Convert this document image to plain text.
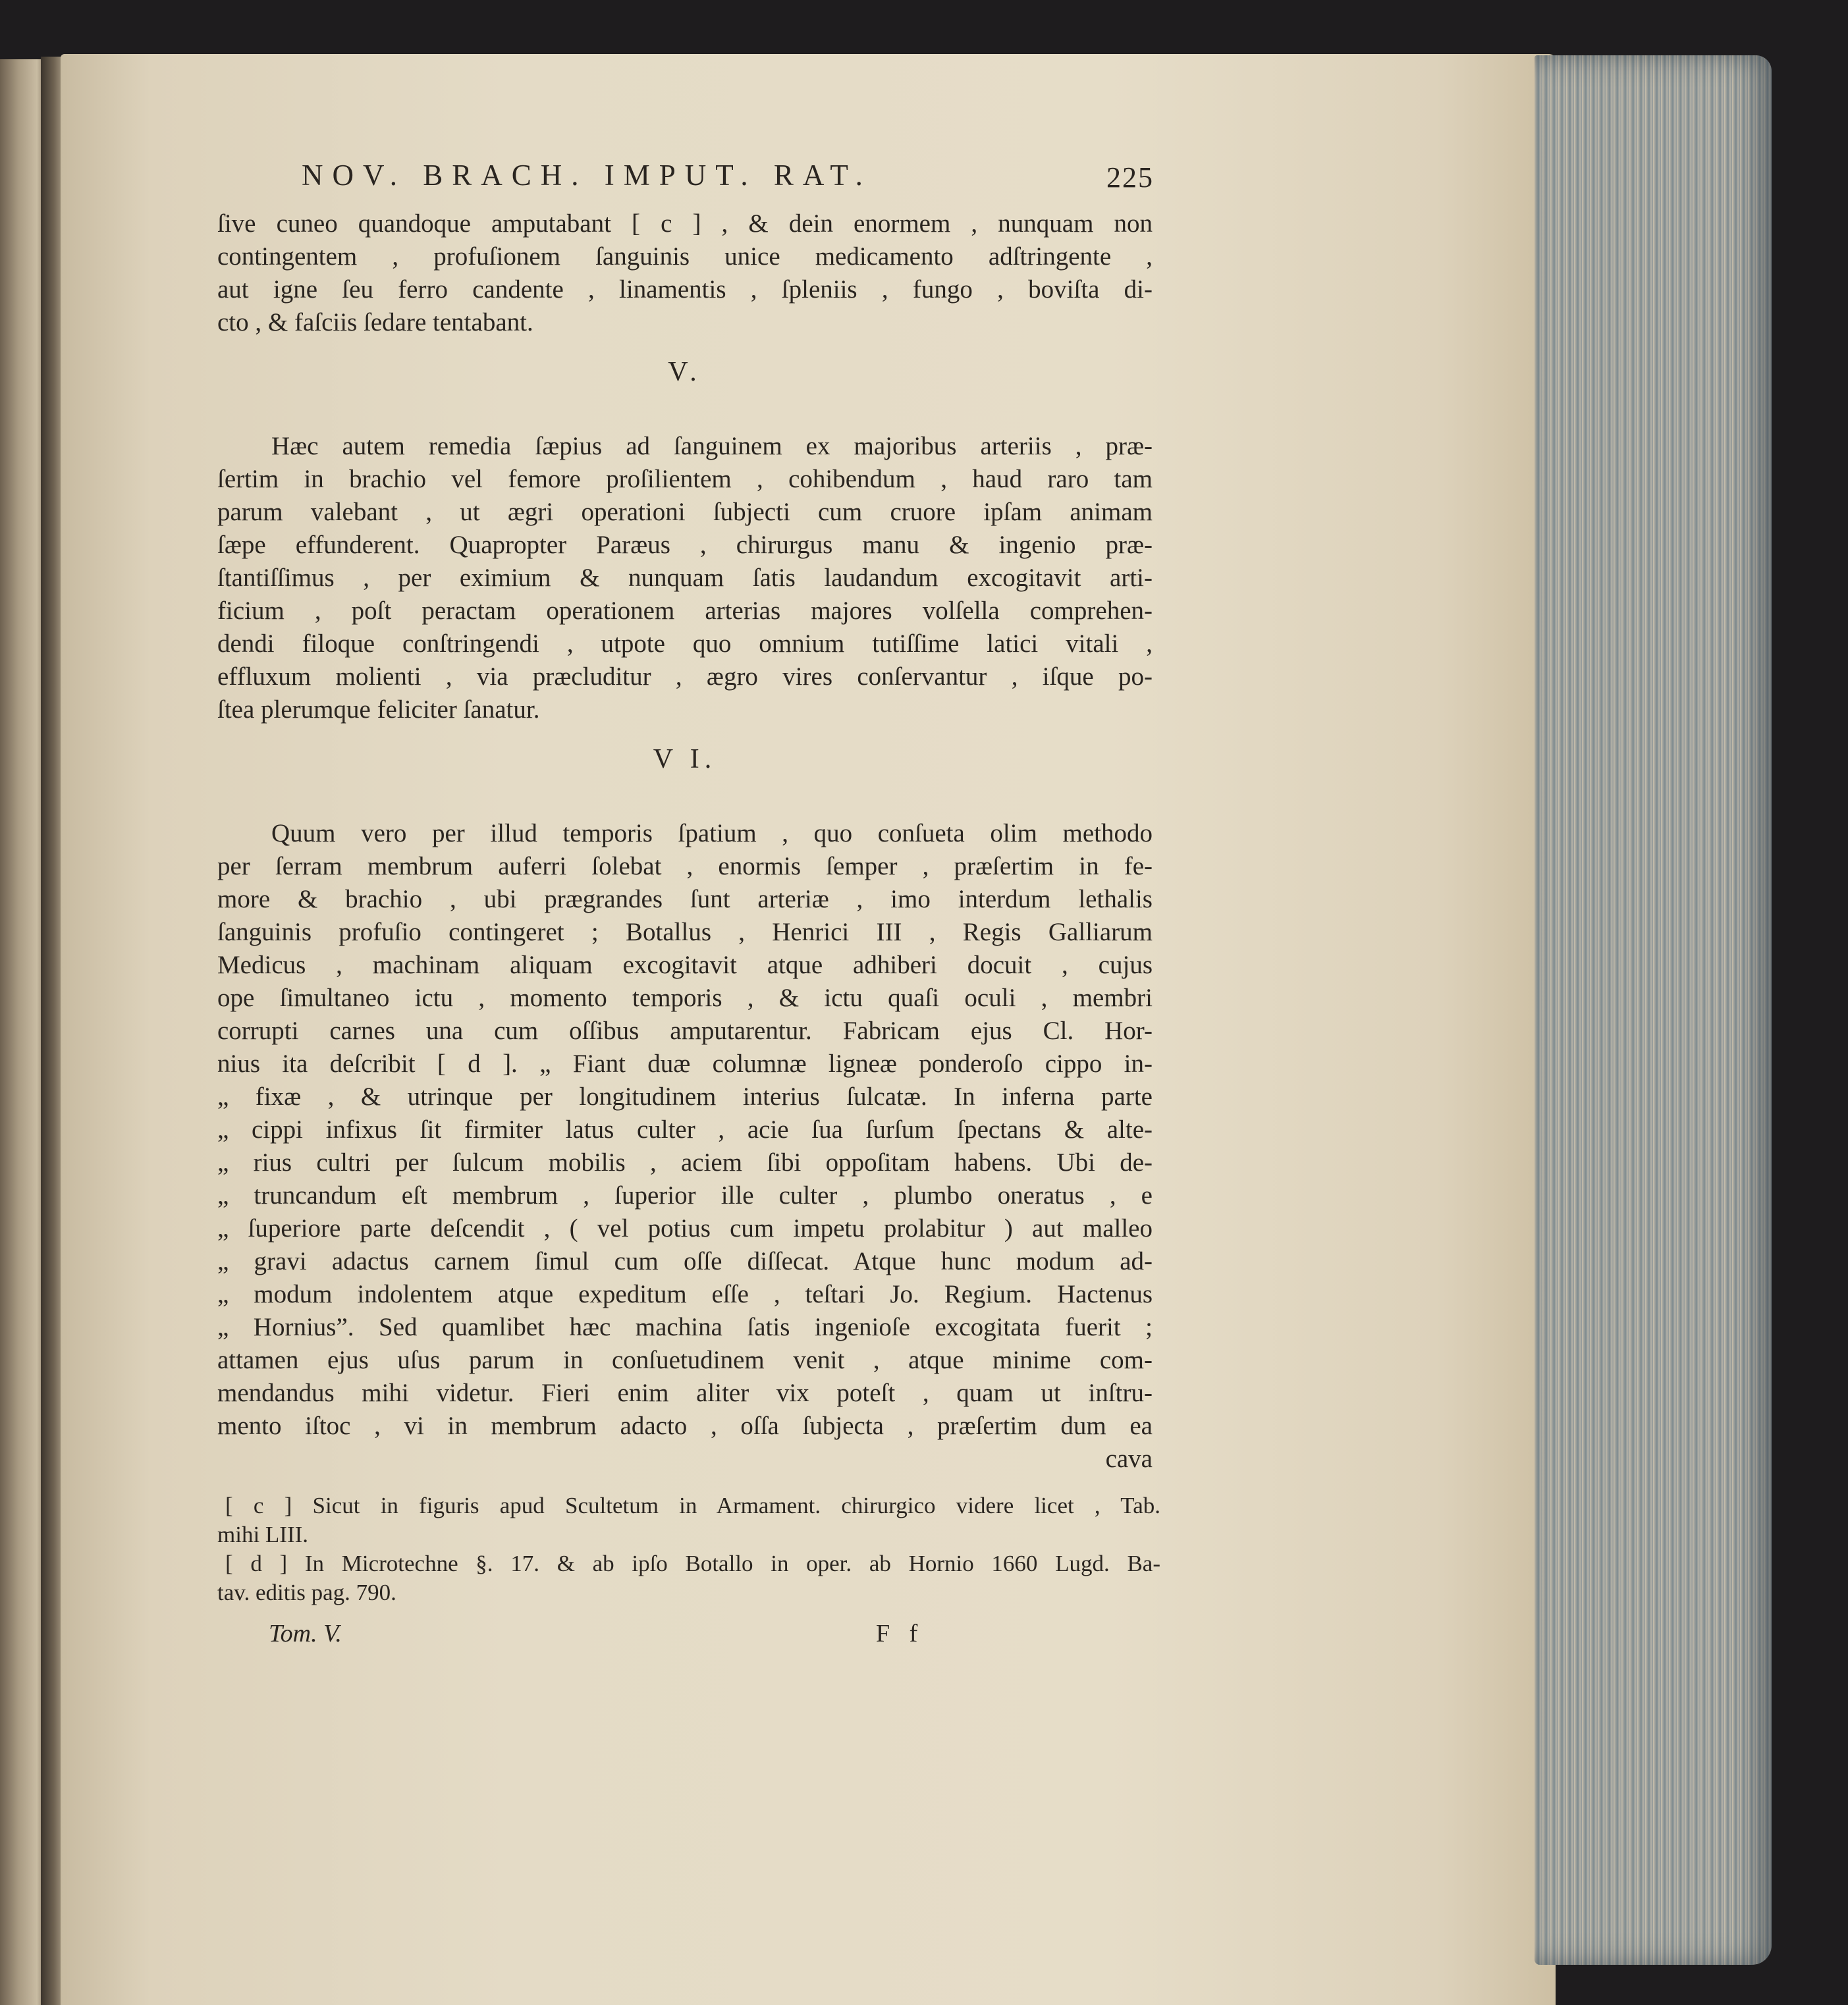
NOV. BRACH. IMPUT. RAT.	225
ſive cuneo quandoque amputabant [ c ] , & dein enormem , nunquam non
contingentem , profuſionem ſanguinis unice medicamento adſtringente ,
aut igne ſeu ferro candente , linamentis , ſpleniis , fungo , boviſta di-
cto , & faſciis ſedare tentabant.
V.
Hæc autem remedia ſæpius ad ſanguinem ex majoribus arteriis , præ-
ſertim in brachio vel femore proſilientem , cohibendum , haud raro tam
parum valebant , ut ægri operationi ſubjecti cum cruore ipſam animam
ſæpe effunderent. Quapropter Paræus , chirurgus manu & ingenio præ-
ſtantiſſimus , per eximium & nunquam ſatis laudandum excogitavit arti-
ficium , poſt peractam operationem arterias majores volſella comprehen-
dendi filoque conſtringendi , utpote quo omnium tutiſſime latici vitali ,
effluxum molienti , via præcluditur , ægro vires conſervantur , iſque po-
ſtea plerumque feliciter ſanatur.
V I.
Quum vero per illud temporis ſpatium , quo conſueta olim methodo
per ſerram membrum auferri ſolebat , enormis ſemper , præſertim in fe-
more & brachio , ubi prægrandes ſunt arteriæ , imo interdum lethalis
ſanguinis profuſio contingeret ; Botallus , Henrici III , Regis Galliarum
Medicus , machinam aliquam excogitavit atque adhiberi docuit , cujus
ope ſimultaneo ictu , momento temporis , & ictu quaſi oculi , membri
corrupti carnes una cum oſſibus amputarentur. Fabricam ejus Cl. Hor-
nius ita deſcribit [ d ]. „ Fiant duæ columnæ ligneæ ponderoſo cippo in-
„ fixæ , & utrinque per longitudinem interius ſulcatæ. In inferna parte
„ cippi infixus ſit firmiter latus culter , acie ſua ſurſum ſpectans & alte-
„ rius cultri per ſulcum mobilis , aciem ſibi oppoſitam habens. Ubi de-
„ truncandum eſt membrum , ſuperior ille culter , plumbo oneratus , e
„ ſuperiore parte deſcendit , ( vel potius cum impetu prolabitur ) aut malleo
„ gravi adactus carnem ſimul cum oſſe diſſecat. Atque hunc modum ad-
„ modum indolentem atque expeditum eſſe , teſtari Jo. Regium. Hactenus
„ Hornius”. Sed quamlibet hæc machina ſatis ingenioſe excogitata fuerit ;
attamen ejus uſus parum in conſuetudinem venit , atque minime com-
mendandus mihi videtur. Fieri enim aliter vix poteſt , quam ut inſtru-
mento iſtoc , vi in membrum adacto , oſſa ſubjecta , præſertim dum ea
cava
[ c ] Sicut in figuris apud Scultetum in Armament. chirurgico videre licet , Tab.
mihi LIII.
[ d ] In Microtechne §. 17. & ab ipſo Botallo in oper. ab Hornio 1660 Lugd. Ba-
tav. editis pag. 790.
Tom. V.	F f
